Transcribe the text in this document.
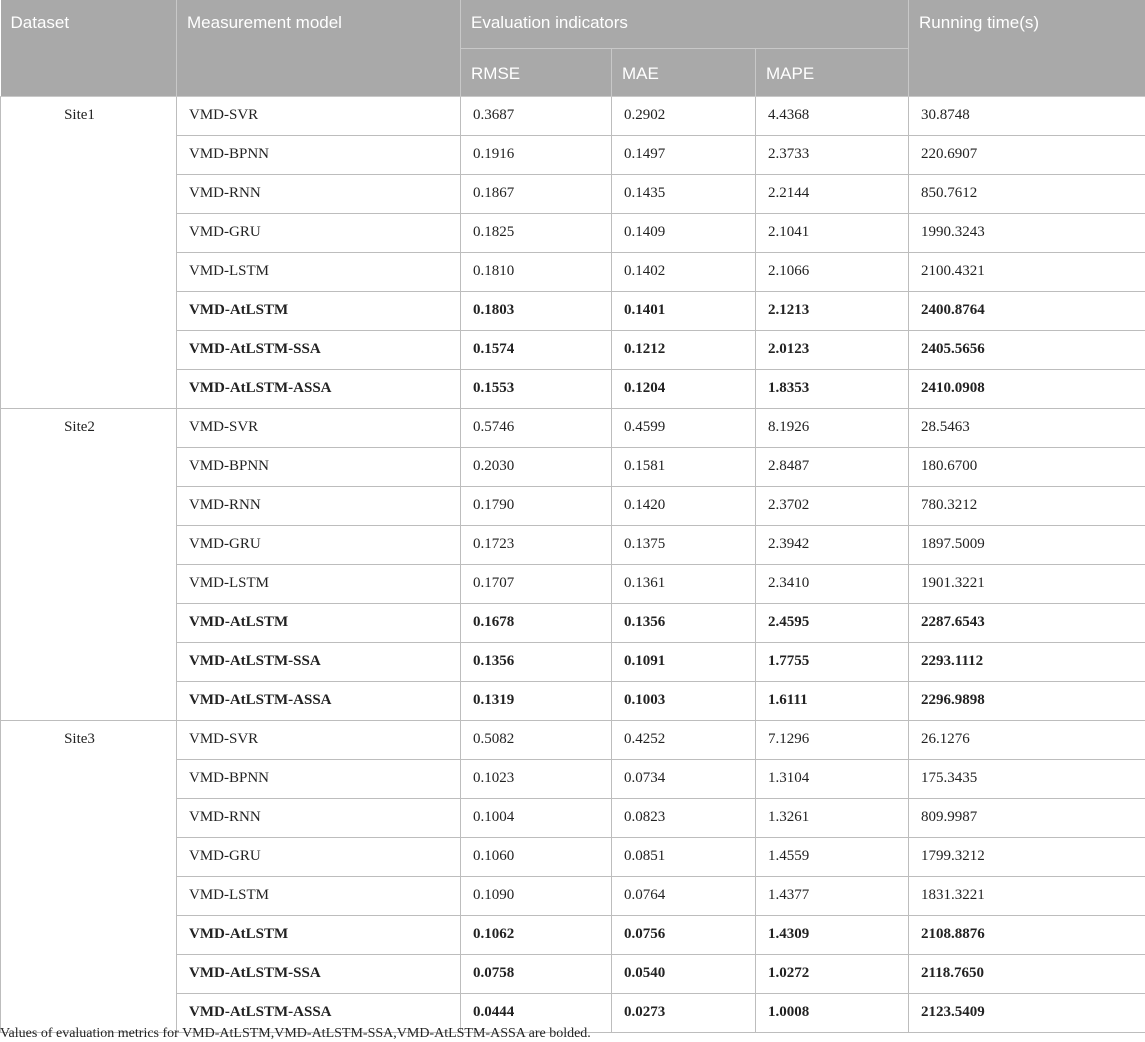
Dataset	Measurement model	Evaluation indicators			Running time(s)
		RMSE	MAE	MAPE	
Site1	VMD-SVR	0.3687	0.2902	4.4368	30.8748
	VMD-BPNN	0.1916	0.1497	2.3733	220.6907
	VMD-RNN	0.1867	0.1435	2.2144	850.7612
	VMD-GRU	0.1825	0.1409	2.1041	1990.3243
	VMD-LSTM	0.1810	0.1402	2.1066	2100.4321
	VMD-AtLSTM	0.1803	0.1401	2.1213	2400.8764
	VMD-AtLSTM-SSA	0.1574	0.1212	2.0123	2405.5656
	VMD-AtLSTM-ASSA	0.1553	0.1204	1.8353	2410.0908
Site2	VMD-SVR	0.5746	0.4599	8.1926	28.5463
	VMD-BPNN	0.2030	0.1581	2.8487	180.6700
	VMD-RNN	0.1790	0.1420	2.3702	780.3212
	VMD-GRU	0.1723	0.1375	2.3942	1897.5009
	VMD-LSTM	0.1707	0.1361	2.3410	1901.3221
	VMD-AtLSTM	0.1678	0.1356	2.4595	2287.6543
	VMD-AtLSTM-SSA	0.1356	0.1091	1.7755	2293.1112
	VMD-AtLSTM-ASSA	0.1319	0.1003	1.6111	2296.9898
Site3	VMD-SVR	0.5082	0.4252	7.1296	26.1276
	VMD-BPNN	0.1023	0.0734	1.3104	175.3435
	VMD-RNN	0.1004	0.0823	1.3261	809.9987
	VMD-GRU	0.1060	0.0851	1.4559	1799.3212
	VMD-LSTM	0.1090	0.0764	1.4377	1831.3221
	VMD-AtLSTM	0.1062	0.0756	1.4309	2108.8876
	VMD-AtLSTM-SSA	0.0758	0.0540	1.0272	2118.7650
	VMD-AtLSTM-ASSA	0.0444	0.0273	1.0008	2123.5409
Values of evaluation metrics for VMD-AtLSTM,VMD-AtLSTM-SSA,VMD-AtLSTM-ASSA are bolded.
